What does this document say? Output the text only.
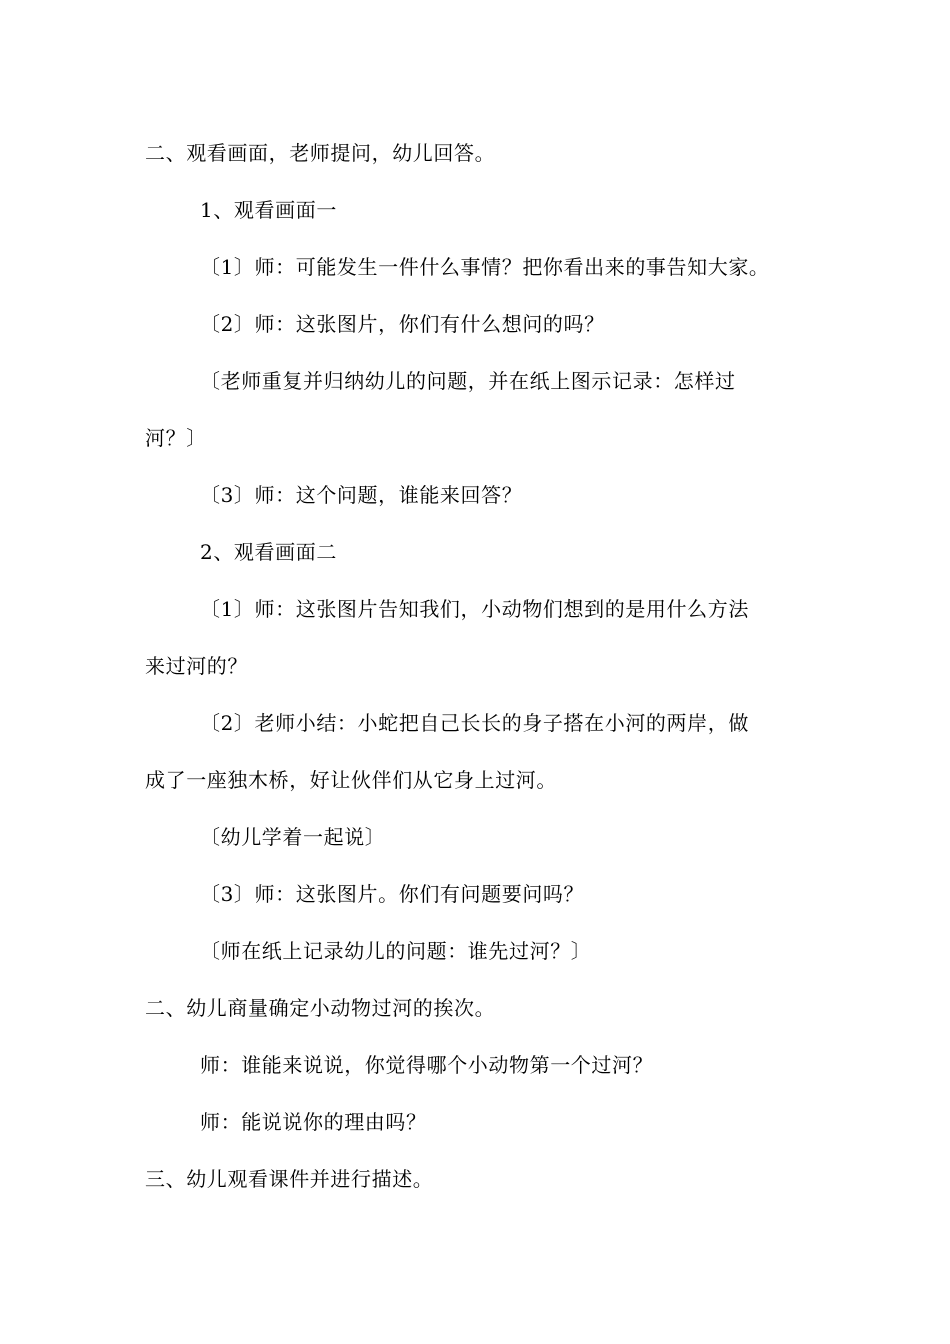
二、观看画面，老师提问，幼儿回答。
1、观看画面一
〔1〕师：可能发生一件什么事情？把你看出来的事告知大家。
〔2〕师：这张图片，你们有什么想问的吗？
〔老师重复并归纳幼儿的问题，并在纸上图示记录：怎样过
河？〕
〔3〕师：这个问题，谁能来回答？
2、观看画面二
〔1〕师：这张图片告知我们，小动物们想到的是用什么方法
来过河的？
〔2〕老师小结：小蛇把自己长长的身子搭在小河的两岸，做
成了一座独木桥，好让伙伴们从它身上过河。
〔幼儿学着一起说〕
〔3〕师：这张图片。你们有问题要问吗？
〔师在纸上记录幼儿的问题：谁先过河？〕
二、幼儿商量确定小动物过河的挨次。
师：谁能来说说，你觉得哪个小动物第一个过河？
师：能说说你的理由吗？
三、幼儿观看课件并进行描述。
